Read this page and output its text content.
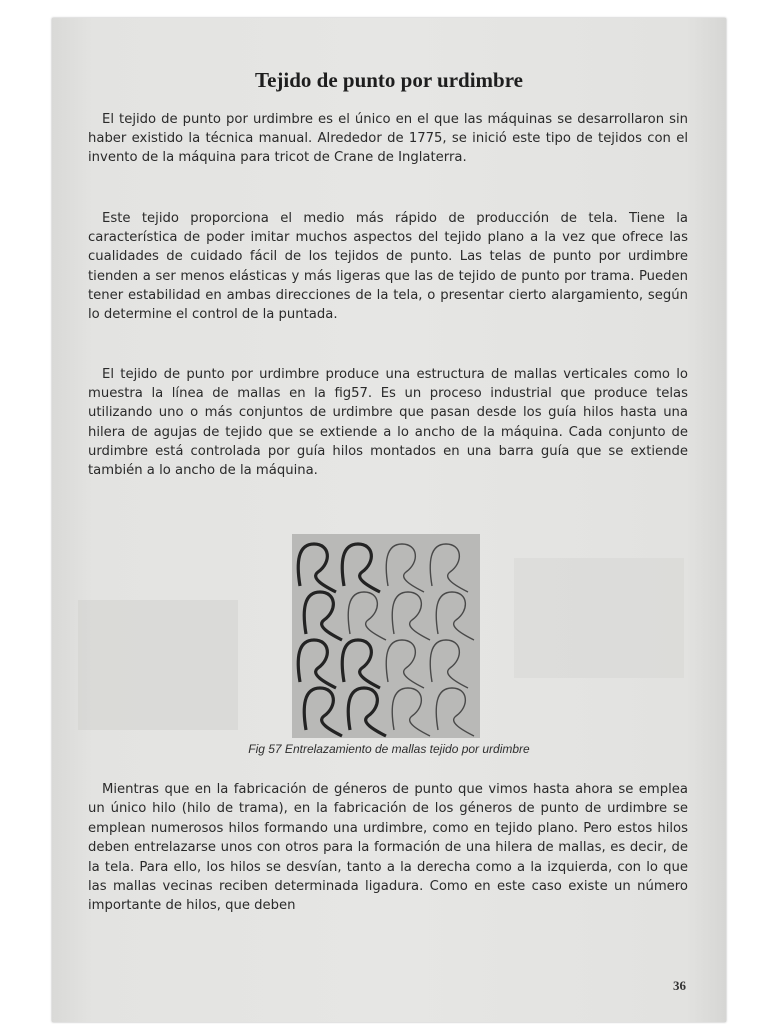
Tejido de punto por urdimbre

El tejido de punto por urdimbre es el único en el que las máquinas se desarrollaron sin haber existido la técnica manual. Alrededor de 1775, se inició este tipo de tejidos con el invento de la máquina para tricot de Crane de Inglaterra.

Este tejido proporciona el medio más rápido de producción de tela. Tiene la característica de poder imitar muchos aspectos del tejido plano a la vez que ofrece las cualidades de cuidado fácil de los tejidos de punto. Las telas de punto por urdimbre tienden a ser menos elásticas y más ligeras que las de tejido de punto por trama. Pueden tener estabilidad en ambas direcciones de la tela, o presentar cierto alargamiento, según lo determine el control de la puntada.

El tejido de punto por urdimbre produce una estructura de mallas verticales como lo muestra la línea de mallas en la fig57. Es un proceso industrial que produce telas utilizando uno o más conjuntos de urdimbre que pasan desde los guía hilos hasta una hilera de agujas de tejido que se extiende a lo ancho de la máquina. Cada conjunto de urdimbre está controlada por guía hilos montados en una barra guía que se extiende también a lo ancho de la máquina.

Fig 57 Entrelazamiento de mallas tejido por urdimbre

Mientras que en la fabricación de géneros de punto que vimos hasta ahora se emplea un único hilo (hilo de trama), en la fabricación de los géneros de punto de urdimbre se emplean numerosos hilos formando una urdimbre, como en tejido plano. Pero estos hilos deben entrelazarse unos con otros para la formación de una hilera de mallas, es decir, de la tela. Para ello, los hilos se desvían, tanto a la derecha como a la izquierda, con lo que las mallas vecinas reciben determinada ligadura. Como en este caso existe un número importante de hilos, que deben

36
